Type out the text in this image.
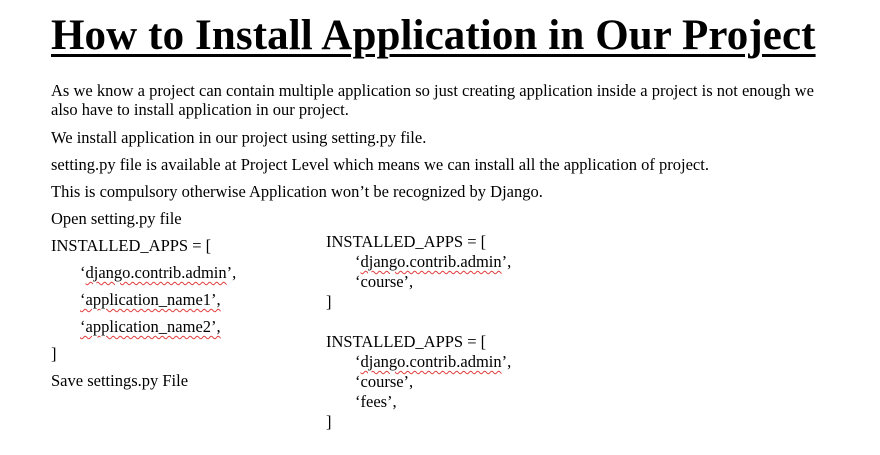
How to Install Application in Our Project

As we know a project can contain multiple application so just creating application inside a project is not enough we also have to install application in our project.

We install application in our project using setting.py file.

setting.py file is available at Project Level which means we can install all the application of project.

This is compulsory otherwise Application won’t be recognized by Django.

Open setting.py file

INSTALLED_APPS = [

‘django.contrib.admin’,

‘application_name1’,

‘application_name2’,

]

Save settings.py File

INSTALLED_APPS = [

‘django.contrib.admin’,

‘course’,

]

INSTALLED_APPS = [

‘django.contrib.admin’,

‘course’,

‘fees’,

]
